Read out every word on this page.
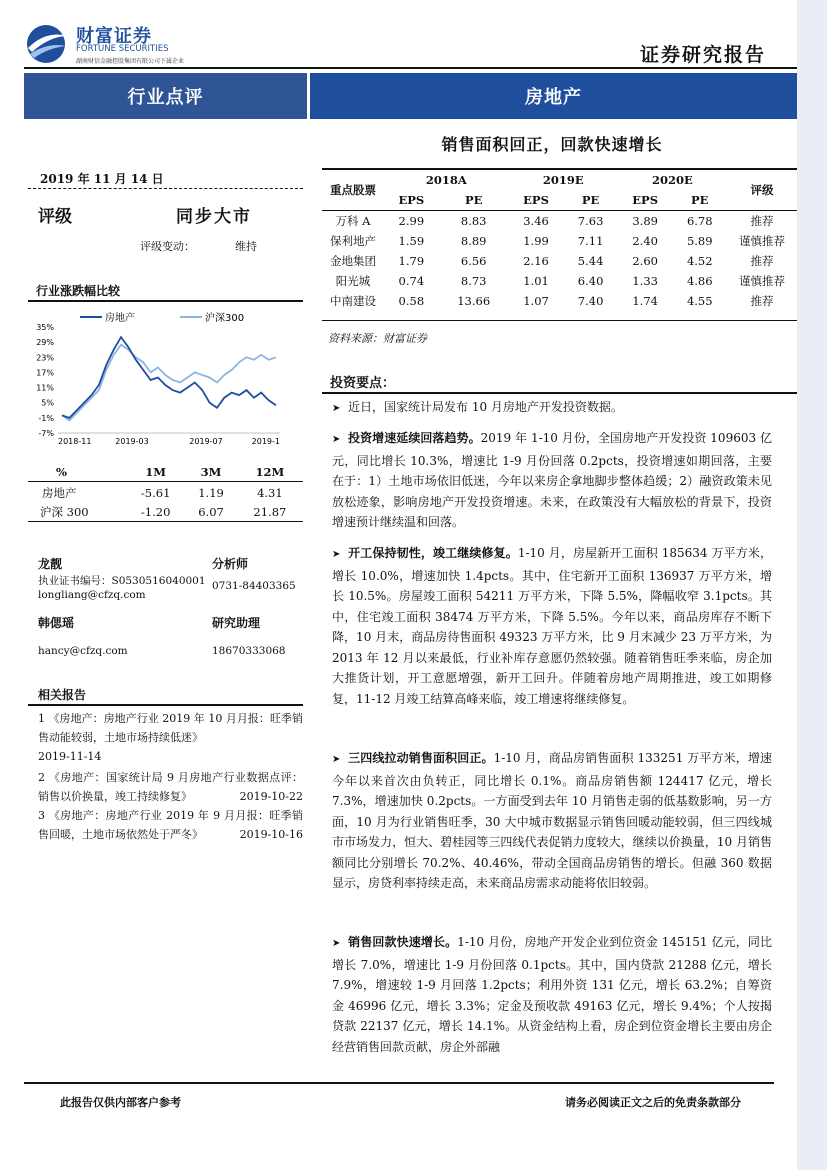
财富证券
FORTUNE SECURITIES
湖南财信金融控股集团有限公司下属企业	证券研究报告
行业点评	房地产
销售面积回正，回款快速增长
2019 年 11 月 14 日
评级	同步大市
评级变动：	维持
行业涨跌幅比较
35%
29%
23%
17%
11%
5%
-1%
-7%
2018-11	2019-03	2019-07	2019-1
房地产	沪深300
%	1M	3M	12M

房地产	-5.61	1.19	4.31
沪深 300	-1.20	6.07	21.87
龙靓	分析师
执业证书编号：S0530516040001 0731-84403365
longliang@cfzq.com
韩偲瑶	研究助理
hancy@cfzq.com	18670333068
相关报告
1 《房地产：房地产行业 2019 年 10 月月报：旺季销售动能较弱，土地市场持续低迷》
2019-11-14
2 《房地产：国家统计局 9 月房地产行业数据点评：销售以价换量，竣工持续修复》	2019-10-22
3 《房地产：房地产行业 2019 年 9 月月报：旺季销售回暖，土地市场依然处于严冬》	2019-10-16
重点股票	2018A		2019E		2020E		评级
	EPS	PE	EPS	PE	EPS	PE	
万科 A	2.99	8.83	3.46	7.63	3.89	6.78	推荐
保利地产	1.59	8.89	1.99	7.11	2.40	5.89	谨慎推荐
金地集团	1.79	6.56	2.16	5.44	2.60	4.52	推荐
阳光城	0.74	8.73	1.01	6.40	1.33	4.86	谨慎推荐
中南建设	0.58	13.66	1.07	7.40	1.74	4.55	推荐
资料来源：财富证券
投资要点：
➤ 近日，国家统计局发布 10 月房地产开发投资数据。
➤ 投资增速延续回落趋势。2019 年 1-10 月份，全国房地产开发投资 109603 亿元，同比增长 10.3%，增速比 1-9 月份回落 0.2pcts，投资增速如期回落，主要在于：1）土地市场依旧低迷，今年以来房企拿地脚步整体趋缓；2）融资政策未见放松迹象，影响房地产开发投资增速。未来，在政策没有大幅放松的背景下，投资增速预计继续温和回落。
➤ 开工保持韧性，竣工继续修复。1-10 月，房屋新开工面积 185634 万平方米，增长 10.0%，增速加快 1.4pcts。其中，住宅新开工面积 136937 万平方米，增长 10.5%。房屋竣工面积 54211 万平方米，下降 5.5%，降幅收窄 3.1pcts。其中，住宅竣工面积 38474 万平方米，下降 5.5%。今年以来，商品房库存不断下降，10 月末，商品房待售面积 49323 万平方米，比 9 月末减少 23 万平方米，为 2013 年 12 月以来最低，行业补库存意愿仍然较强。随着销售旺季来临，房企加大推货计划，开工意愿增强，新开工回升。伴随着房地产周期推进，竣工如期修复，11-12 月竣工结算高峰来临，竣工增速将继续修复。
➤ 三四线拉动销售面积回正。1-10 月，商品房销售面积 133251 万平方米，增速今年以来首次由负转正，同比增长 0.1%。商品房销售额 124417 亿元，增长 7.3%，增速加快 0.2pcts。一方面受到去年 10 月销售走弱的低基数影响，另一方面，10 月为行业销售旺季，30 大中城市数据显示销售回暖动能较弱，但三四线城市市场发力，恒大、碧桂园等三四线代表促销力度较大，继续以价换量，10 月销售额同比分别增长 70.2%、40.46%，带动全国商品房销售的增长。但融 360 数据显示，房贷利率持续走高，未来商品房需求动能将依旧较弱。
➤ 销售回款快速增长。1-10 月份，房地产开发企业到位资金 145151 亿元，同比增长 7.0%，增速比 1-9 月份回落 0.1pcts。其中，国内贷款 21288 亿元，增长 7.9%，增速较 1-9 月回落 1.2pcts；利用外资 131 亿元，增长 63.2%；自筹资金 46996 亿元，增长 3.3%；定金及预收款 49163 亿元，增长 9.4%；个人按揭贷款 22137 亿元，增长 14.1%。从资金结构上看，房企到位资金增长主要由房企经营销售回款贡献，房企外部融
此报告仅供内部客户参考	请务必阅读正文之后的免责条款部分
